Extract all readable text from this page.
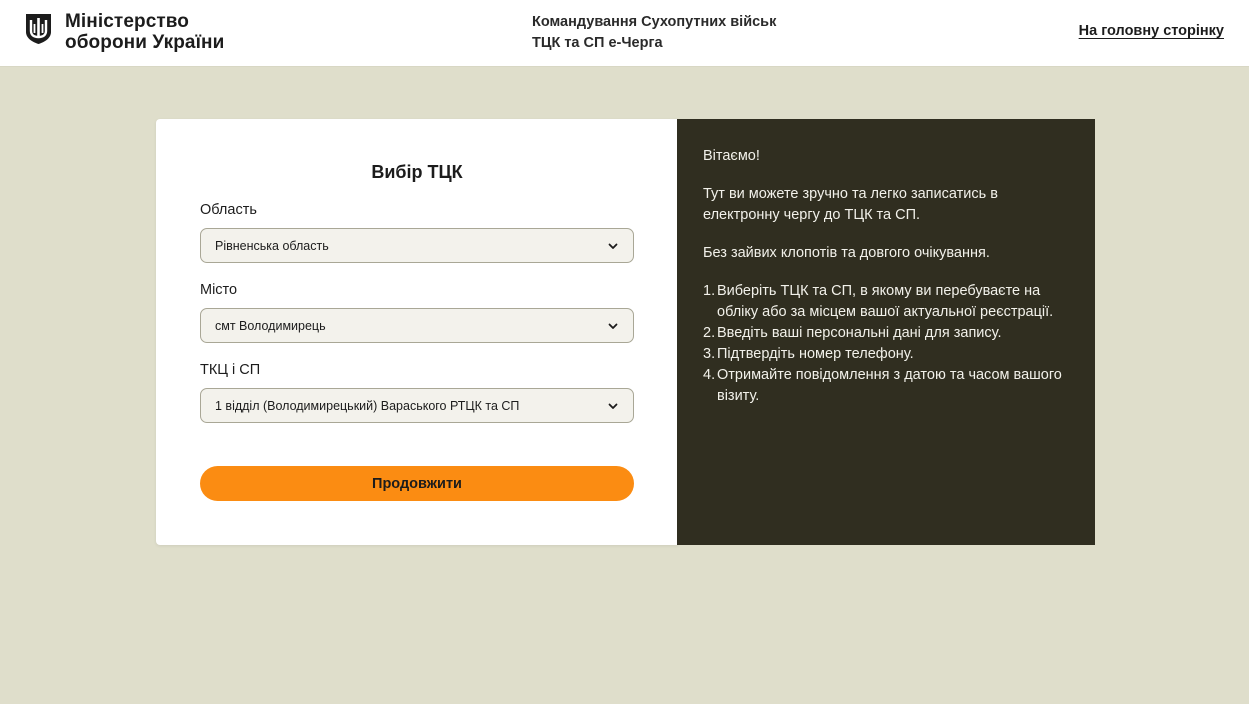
Міністерство
оборони України
Командування Сухопутних військ
ТЦК та СП е-Черга
На головну сторінку
Вибір ТЦК
Область
Рівненська область
Місто
смт Володимирець
ТКЦ і СП
1 відділ (Володимирецький) Вараського РТЦК та СП
Продовжити

Вітаємо!

Тут ви можете зручно та легко записатись в електронну чергу до ТЦК та СП.

Без зайвих клопотів та довгого очікування.

Виберіть ТЦК та СП, в якому ви перебуваєте на обліку або за місцем вашої актуальної реєстрації.
Введіть ваші персональні дані для запису.
Підтвердіть номер телефону.
Отримайте повідомлення з датою та часом вашого візиту.
